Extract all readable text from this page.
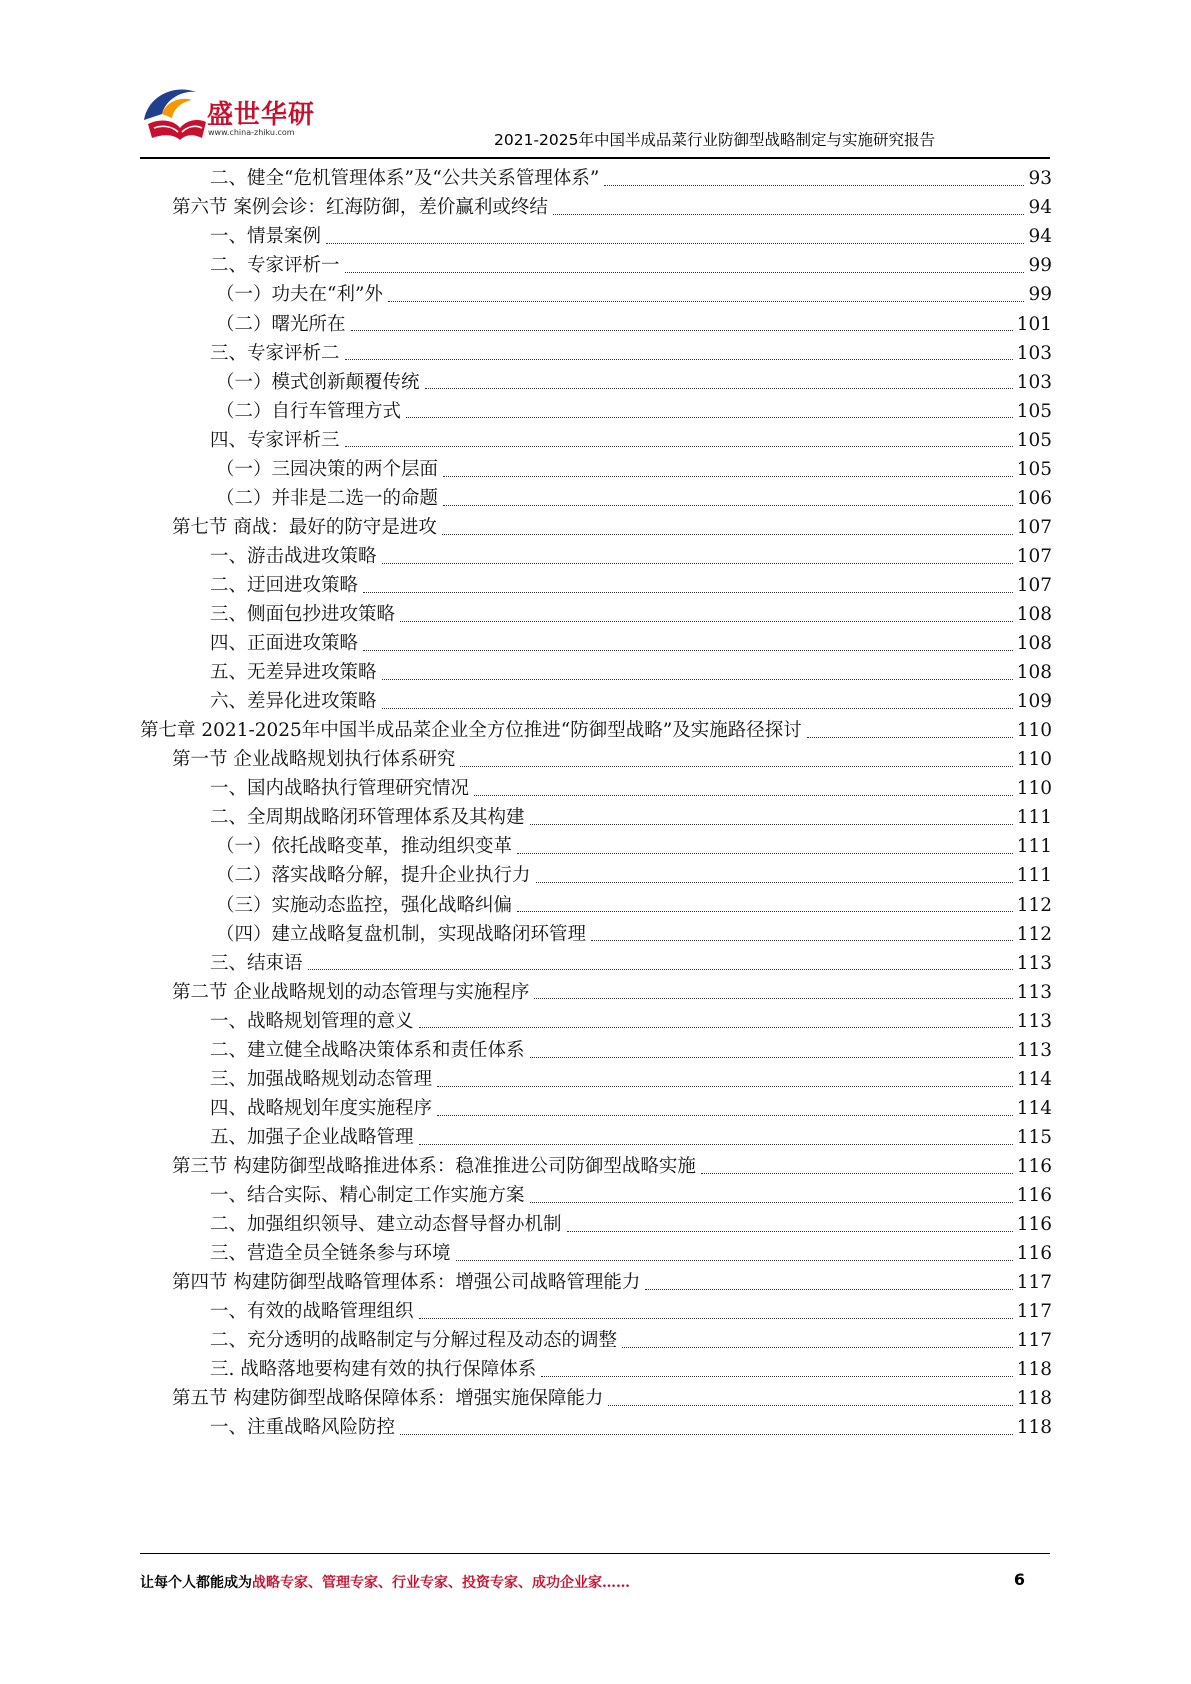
盛世华研
www.china-zhiku.com	2021-2025年中国半成品菜行业防御型战略制定与实施研究报告
二、健全“危机管理体系”及“公共关系管理体系”	93
第六节 案例会诊：红海防御，差价赢利或终结	94
一、情景案例	94
二、专家评析一	99
（一）功夫在“利”外	99
（二）曙光所在	101
三、专家评析二	103
（一）模式创新颠覆传统	103
（二）自行车管理方式	105
四、专家评析三	105
（一）三园决策的两个层面	105
（二）并非是二选一的命题	106
第七节 商战：最好的防守是进攻	107
一、游击战进攻策略	107
二、迂回进攻策略	107
三、侧面包抄进攻策略	108
四、正面进攻策略	108
五、无差异进攻策略	108
六、差异化进攻策略	109
第七章 2021-2025年中国半成品菜企业全方位推进“防御型战略”及实施路径探讨	110
第一节 企业战略规划执行体系研究	110
一、国内战略执行管理研究情况	110
二、全周期战略闭环管理体系及其构建	111
（一）依托战略变革，推动组织变革	111
（二）落实战略分解，提升企业执行力	111
（三）实施动态监控，强化战略纠偏	112
（四）建立战略复盘机制，实现战略闭环管理	112
三、结束语	113
第二节 企业战略规划的动态管理与实施程序	113
一、战略规划管理的意义	113
二、建立健全战略决策体系和责任体系	113
三、加强战略规划动态管理	114
四、战略规划年度实施程序	114
五、加强子企业战略管理	115
第三节 构建防御型战略推进体系：稳准推进公司防御型战略实施	116
一、结合实际、精心制定工作实施方案	116
二、加强组织领导、建立动态督导督办机制	116
三、营造全员全链条参与环境	116
第四节 构建防御型战略管理体系：增强公司战略管理能力	117
一、有效的战略管理组织	117
二、充分透明的战略制定与分解过程及动态的调整	117
三. 战略落地要构建有效的执行保障体系	118
第五节 构建防御型战略保障体系：增强实施保障能力	118
一、注重战略风险防控	118
让每个人都能成为战略专家、管理专家、行业专家、投资专家、成功企业家……	6
